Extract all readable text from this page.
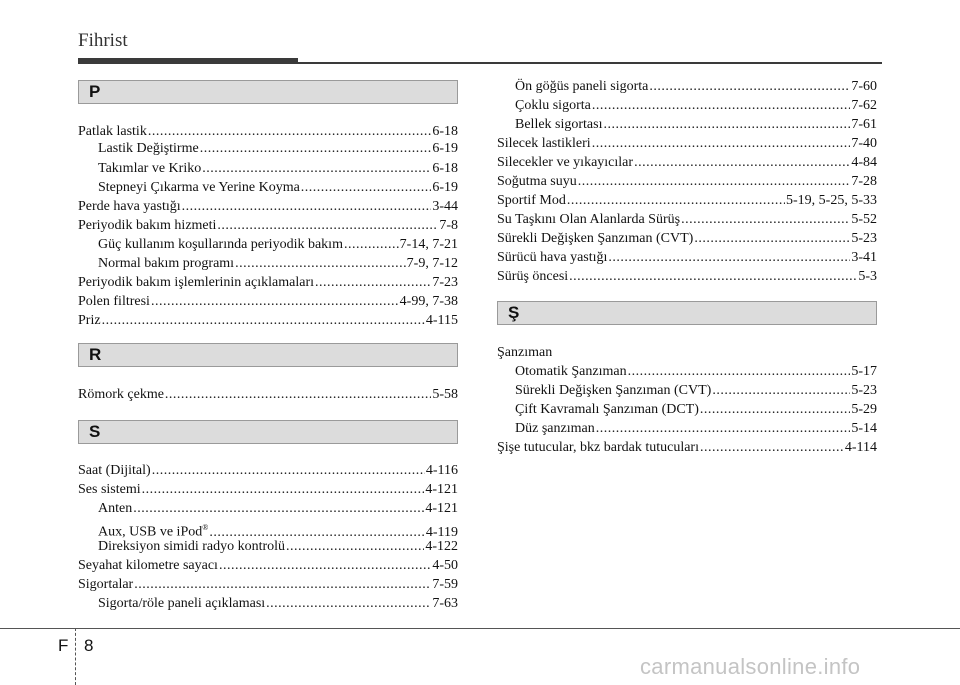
Fihrist
P
Patlak lastik .....	6-18
Lastik Değiştirme .....	6-19
Takımlar ve Kriko .....	6-18
Stepneyi Çıkarma ve Yerine Koyma .....	6-19
Perde hava yastığı .....	3-44
Periyodik bakım hizmeti .....	7-8
Güç kullanım koşullarında periyodik bakım .....	7-14, 7-21
Normal bakım programı .....	7-9, 7-12
Periyodik bakım işlemlerinin açıklamaları .....	7-23
Polen filtresi .....	4-99, 7-38
Priz .....	4-115
R
Römork çekme .....	5-58
S
Saat (Dijital) .....	4-116
Ses sistemi .....	4-121
Anten .....	4-121
Aux, USB ve iPod® .....	4-119
Direksiyon simidi radyo kontrolü .....	4-122
Seyahat kilometre sayacı .....	4-50
Sigortalar .....	7-59
Sigorta/röle paneli açıklaması .....	7-63
Ön göğüs paneli sigorta .....	7-60
Çoklu sigorta .....	7-62
Bellek sigortası .....	7-61
Silecek lastikleri .....	7-40
Silecekler ve yıkayıcılar .....	4-84
Soğutma suyu .....	7-28
Sportif Mod .....	5-19, 5-25, 5-33
Su Taşkını Olan Alanlarda Sürüş .....	5-52
Sürekli Değişken Şanzıman (CVT) .....	5-23
Sürücü hava yastığı .....	3-41
Sürüş öncesi .....	5-3
Ş
Şanzıman
Otomatik Şanzıman .....	5-17
Sürekli Değişken Şanzıman (CVT) .....	5-23
Çift Kavramalı Şanzıman (DCT) .....	5-29
Düz şanzıman .....	5-14
Şişe tutucular, bkz bardak tutucuları .....	4-114
F 8
carmanualsonline.info
